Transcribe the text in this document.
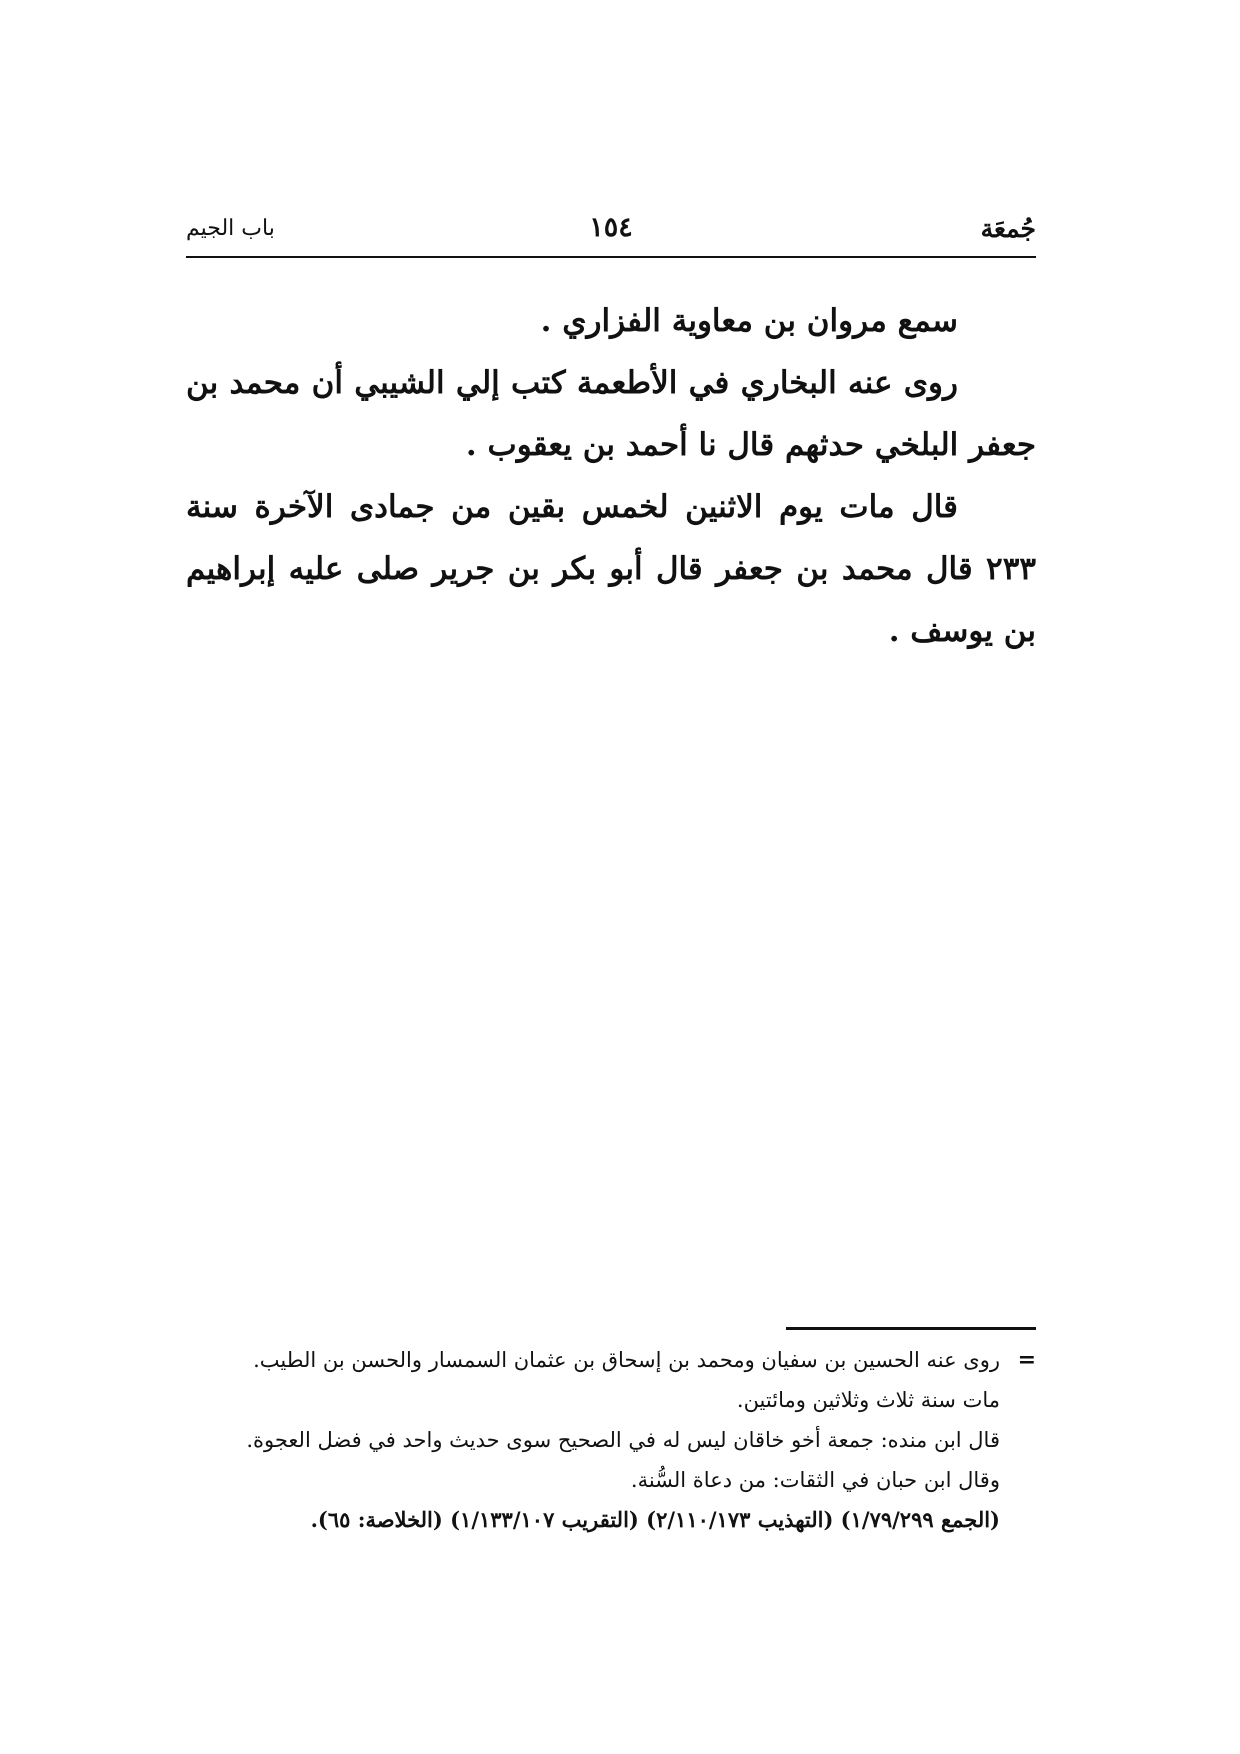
جُمعَة
١٥٤
باب الجيم

سمع مروان بن معاوية الفزاري .

روى عنه البخاري في الأطعمة كتب إلي الشيبي أن محمد بن جعفر البلخي حدثهم قال نا أحمد بن يعقوب .

قال مات يوم الاثنين لخمس بقين من جمادى الآخرة سنة ٢٣٣ قال محمد بن جعفر قال أبو بكر بن جرير صلى عليه إبراهيم بن يوسف .

=
روى عنه الحسين بن سفيان ومحمد بن إسحاق بن عثمان السمسار والحسن بن الطيب.
مات سنة ثلاث وثلاثين ومائتين.
قال ابن منده: جمعة أخو خاقان ليس له في الصحيح سوى حديث واحد في فضل العجوة.
وقال ابن حبان في الثقات: من دعاة السُّنة.
(الجمع ١/٧٩/٢٩٩) (التهذيب ٢/١١٠/١٧٣) (التقريب ١/١٣٣/١٠٧) (الخلاصة: ٦٥).
